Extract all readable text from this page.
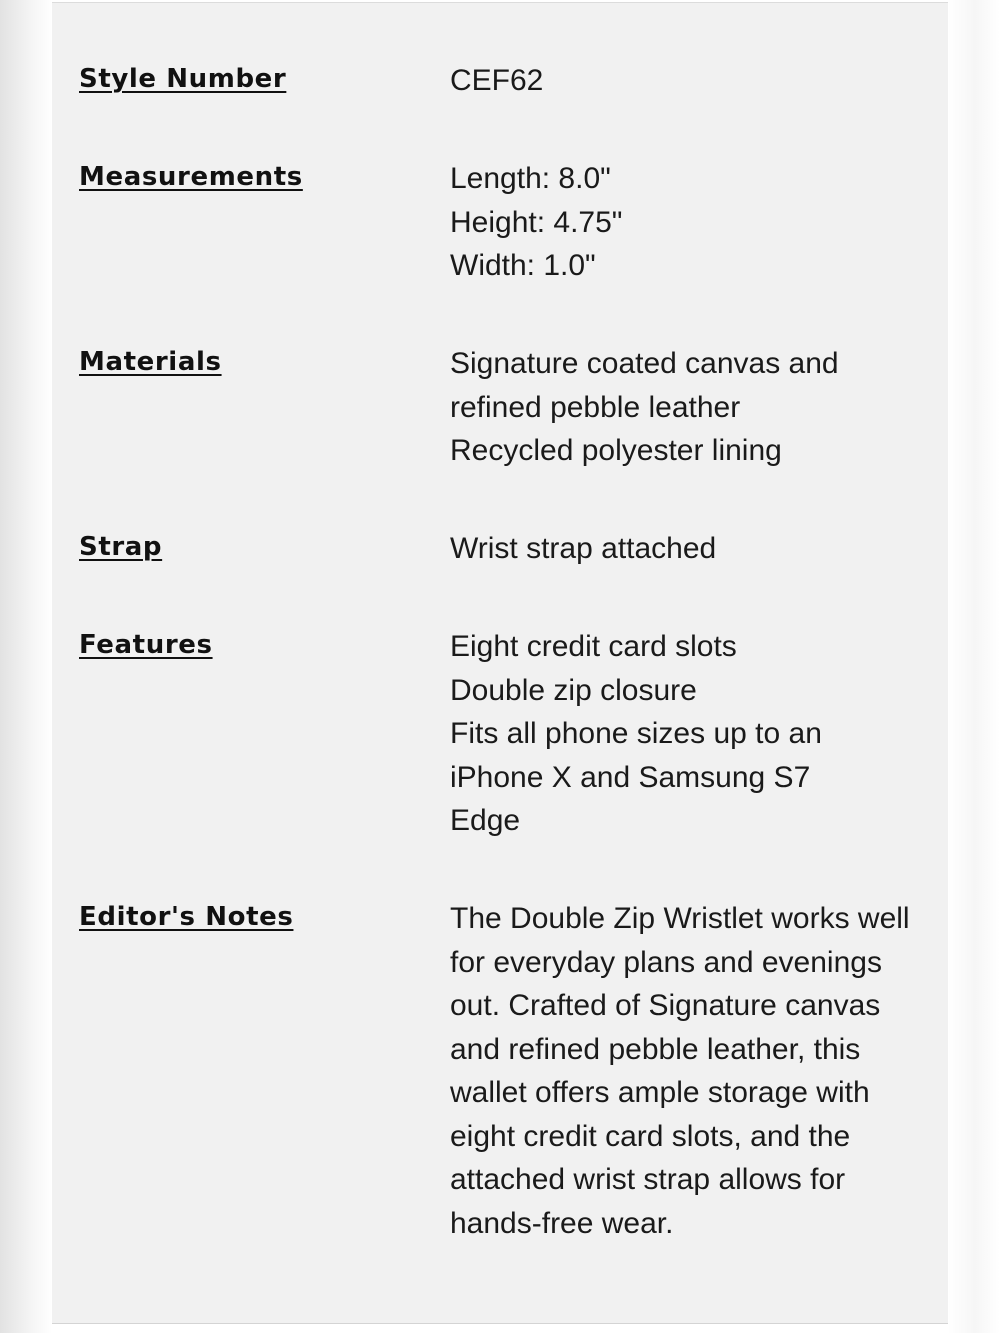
Style Number	CEF62
Measurements	Length: 8.0"
Height: 4.75"
Width: 1.0"
Materials	Signature coated canvas and
refined pebble leather
Recycled polyester lining
Strap	Wrist strap attached
Features	Eight credit card slots
Double zip closure
Fits all phone sizes up to an
iPhone X and Samsung S7
Edge
Editor's Notes	The Double Zip Wristlet works well for everyday plans and evenings out. Crafted of Signature canvas and refined pebble leather, this wallet offers ample storage with eight credit card slots, and the attached wrist strap allows for hands-free wear.
